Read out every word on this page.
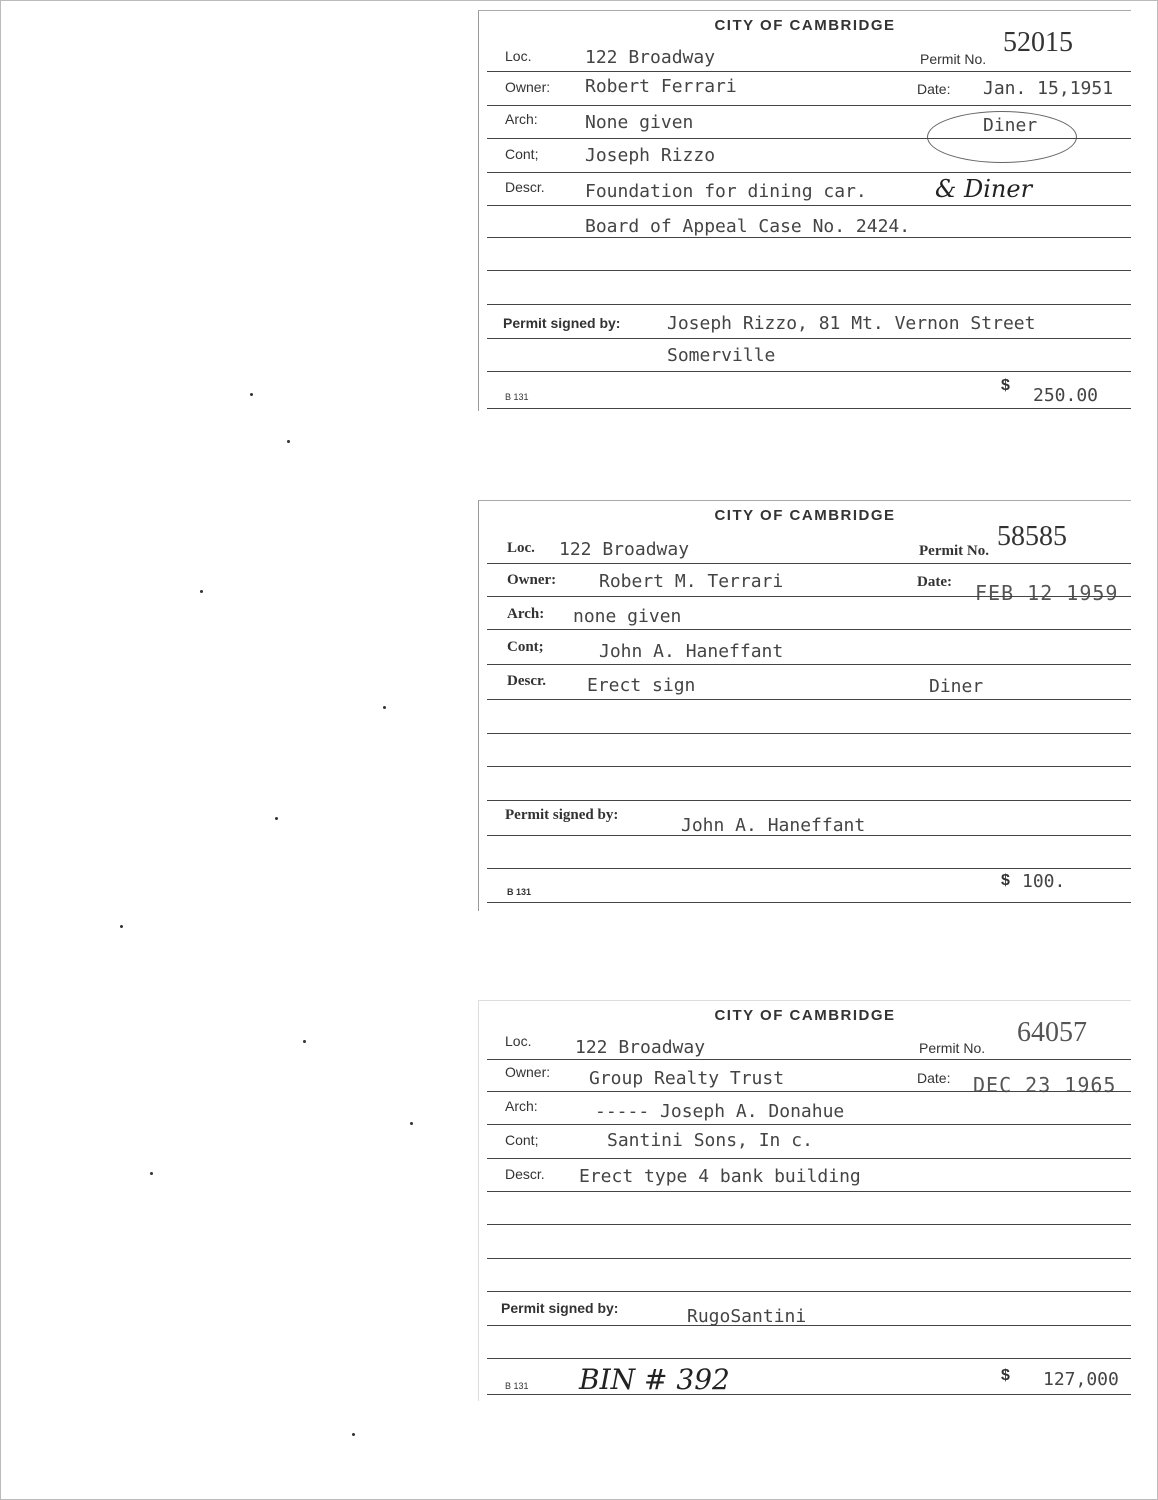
CITY OF CAMBRIDGE
Loc.	122 Broadway	Permit No.
52015
Owner: Robert Ferrari	Date: Jan. 15,1951
Arch:	None given	Diner
Cont;	Joseph Rizzo
Descr. Foundation for dining car.	& Diner
Board of Appeal Case No. 2424.
Permit signed by:	Joseph Rizzo, 81 Mt. Vernon Street
Somerville
B 131
$ 250.00
CITY OF CAMBRIDGE
Loc. 122 Broadway	Permit No. 58585
Owner: Robert M. Terrari	Date: FEB 12 1959
Arch: none given
Cont;	John A. Haneffant
Descr. Erect sign	Diner
Permit signed by:	John A. Haneffant
B 131
$ 100.
CITY OF CAMBRIDGE
Loc. 122 Broadway	Permit No. 64057
Owner: Group Realty Trust	Date: DEC 23 1965
Arch:	----- Joseph A. Donahue
Cont;	Santini Sons, In c.
Descr. Erect type 4 bank building
Permit signed by:	RugoSantini
B 131 BIN # 392	$ 127,000
